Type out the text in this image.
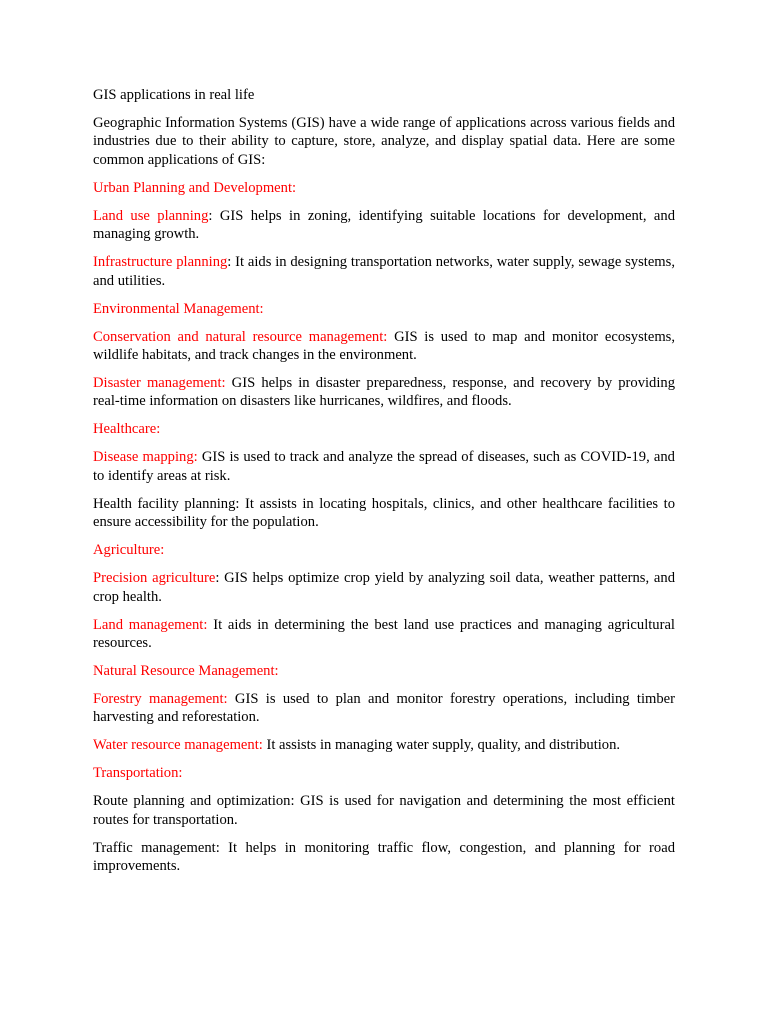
GIS applications in real life

Geographic Information Systems (GIS) have a wide range of applications across various fields and industries due to their ability to capture, store, analyze, and display spatial data. Here are some common applications of GIS:

Urban Planning and Development:

Land use planning: GIS helps in zoning, identifying suitable locations for development, and managing growth.

Infrastructure planning: It aids in designing transportation networks, water supply, sewage systems, and utilities.

Environmental Management:

Conservation and natural resource management: GIS is used to map and monitor ecosystems, wildlife habitats, and track changes in the environment.

Disaster management: GIS helps in disaster preparedness, response, and recovery by providing real-time information on disasters like hurricanes, wildfires, and floods.

Healthcare:

Disease mapping: GIS is used to track and analyze the spread of diseases, such as COVID-19, and to identify areas at risk.

Health facility planning: It assists in locating hospitals, clinics, and other healthcare facilities to ensure accessibility for the population.

Agriculture:

Precision agriculture: GIS helps optimize crop yield by analyzing soil data, weather patterns, and crop health.

Land management: It aids in determining the best land use practices and managing agricultural resources.

Natural Resource Management:

Forestry management: GIS is used to plan and monitor forestry operations, including timber harvesting and reforestation.

Water resource management: It assists in managing water supply, quality, and distribution.

Transportation:

Route planning and optimization: GIS is used for navigation and determining the most efficient routes for transportation.

Traffic management: It helps in monitoring traffic flow, congestion, and planning for road improvements.
